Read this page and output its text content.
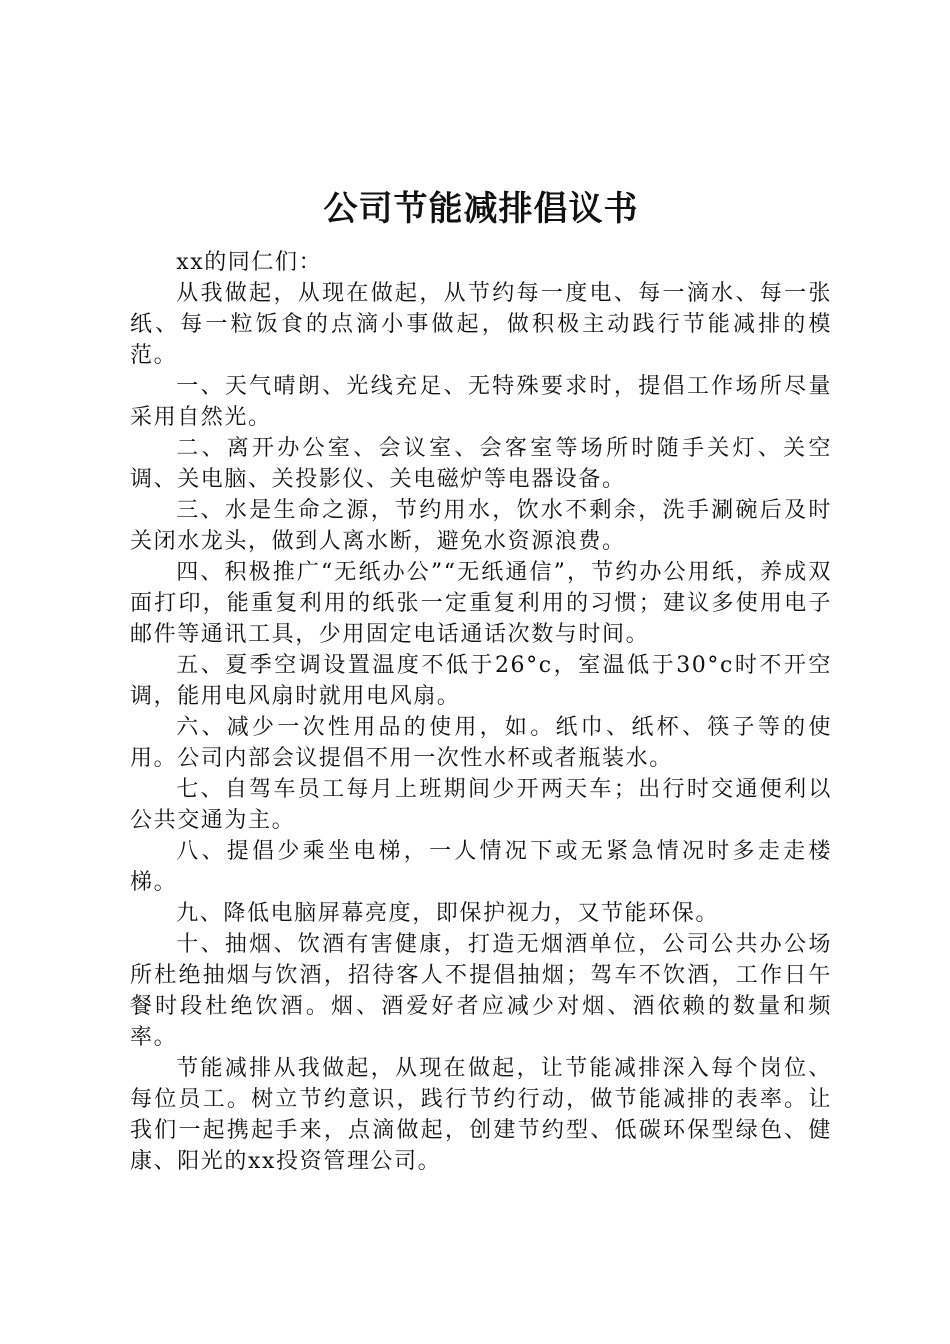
公司节能减排倡议书

xx的同仁们：

从我做起，从现在做起，从节约每一度电、每一滴水、每一张纸、每一粒饭食的点滴小事做起，做积极主动践行节能减排的模范。

一、天气晴朗、光线充足、无特殊要求时，提倡工作场所尽量采用自然光。

二、离开办公室、会议室、会客室等场所时随手关灯、关空调、关电脑、关投影仪、关电磁炉等电器设备。

三、水是生命之源，节约用水，饮水不剩余，洗手涮碗后及时关闭水龙头，做到人离水断，避免水资源浪费。

四、积极推广“无纸办公”“无纸通信”，节约办公用纸，养成双面打印，能重复利用的纸张一定重复利用的习惯；建议多使用电子邮件等通讯工具，少用固定电话通话次数与时间。

五、夏季空调设置温度不低于26°c，室温低于30°c时不开空调，能用电风扇时就用电风扇。

六、减少一次性用品的使用，如。纸巾、纸杯、筷子等的使用。公司内部会议提倡不用一次性水杯或者瓶装水。

七、自驾车员工每月上班期间少开两天车；出行时交通便利以公共交通为主。

八、提倡少乘坐电梯，一人情况下或无紧急情况时多走走楼梯。

九、降低电脑屏幕亮度，即保护视力，又节能环保。

十、抽烟、饮酒有害健康，打造无烟酒单位，公司公共办公场所杜绝抽烟与饮酒，招待客人不提倡抽烟；驾车不饮酒，工作日午餐时段杜绝饮酒。烟、酒爱好者应减少对烟、酒依赖的数量和频率。

节能减排从我做起，从现在做起，让节能减排深入每个岗位、每位员工。树立节约意识，践行节约行动，做节能减排的表率。让我们一起携起手来，点滴做起，创建节约型、低碳环保型绿色、健康、阳光的xx投资管理公司。
